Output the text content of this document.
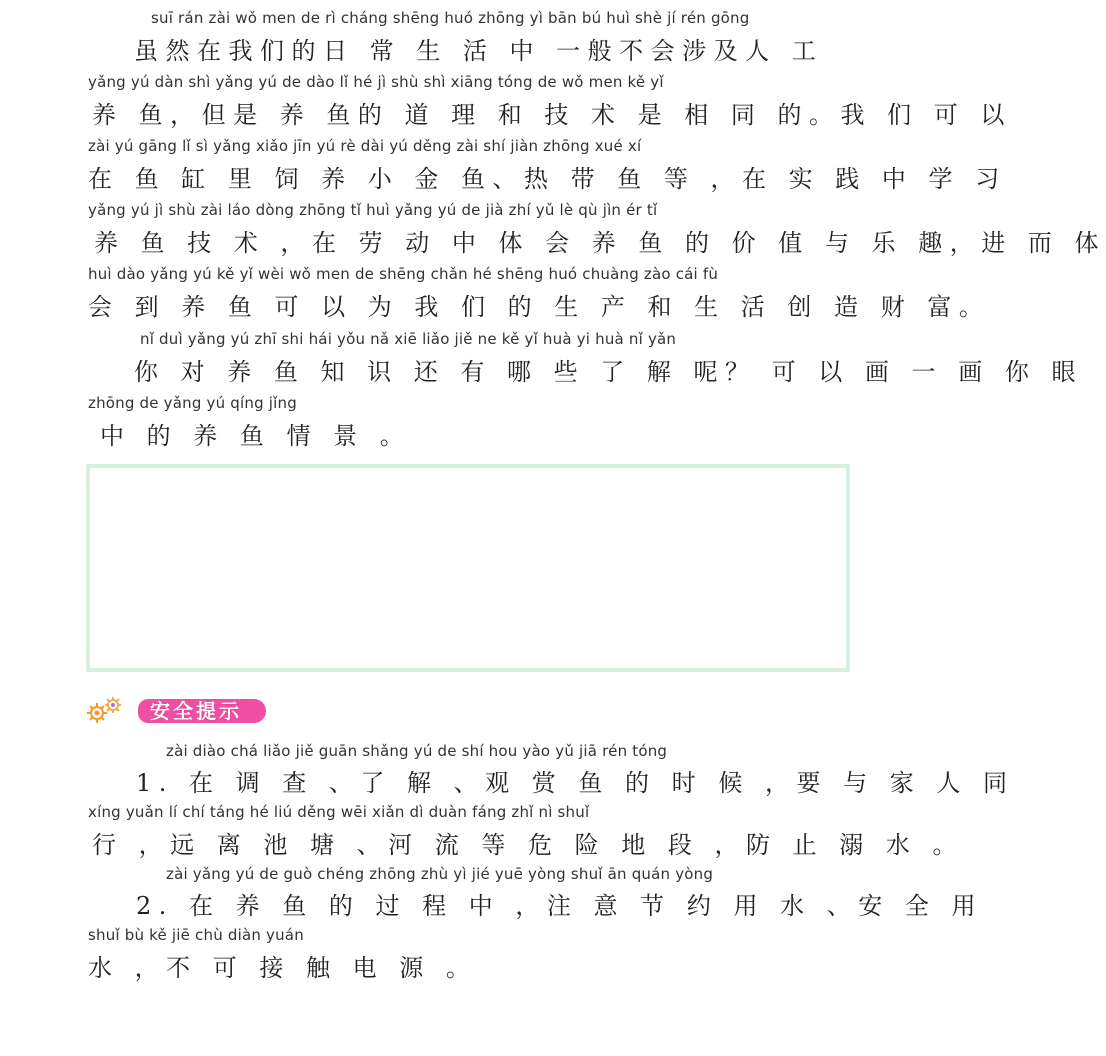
suī rán zài wǒ men de rì cháng shēng huó zhōng yì bān bú huì shè jí rén gōng
虽然在我们的日 常 生 活 中 一般不会涉及人 工
yǎng yú dàn shì yǎng yú de dào lǐ hé jì shù shì xiāng tóng de wǒ men kě yǐ
养 鱼，但是 养 鱼的 道 理 和 技 术 是 相 同 的。我 们 可 以
zài yú gāng lǐ sì yǎng xiǎo jīn yú rè dài yú děng zài shí jiàn zhōng xué xí
在 鱼 缸 里 饲 养 小 金 鱼、热 带 鱼 等 ，在 实 践 中 学 习
yǎng yú jì shù zài láo dòng zhōng tǐ huì yǎng yú de jià zhí yǔ lè qù jìn ér tǐ
养 鱼 技 术 ，在 劳 动 中 体 会 养 鱼 的 价 值 与 乐 趣，进 而 体
huì dào yǎng yú kě yǐ wèi wǒ men de shēng chǎn hé shēng huó chuàng zào cái fù
会 到 养 鱼 可 以 为 我 们 的 生 产 和 生 活 创 造 财 富。
nǐ duì yǎng yú zhī shi hái yǒu nǎ xiē liǎo jiě ne kě yǐ huà yi huà nǐ yǎn
你 对 养 鱼 知 识 还 有 哪 些 了 解 呢？ 可 以 画 一 画 你 眼
zhōng de yǎng yú qíng jǐng
中 的 养 鱼 情 景 。
安全提示
zài diào chá liǎo jiě guān shǎng yú de shí hou yào yǔ jiā rén tóng
1. 在 调 查 、了 解 、观 赏 鱼 的 时 候 ，要 与 家 人 同
xíng yuǎn lí chí táng hé liú děng wēi xiǎn dì duàn fáng zhǐ nì shuǐ
行 ，远 离 池 塘 、河 流 等 危 险 地 段 ，防 止 溺 水 。
zài yǎng yú de guò chéng zhōng zhù yì jié yuē yòng shuǐ ān quán yòng
2. 在 养 鱼 的 过 程 中 ，注 意 节 约 用 水 、安 全 用
shuǐ bù kě jiē chù diàn yuán
水 ，不 可 接 触 电 源 。
